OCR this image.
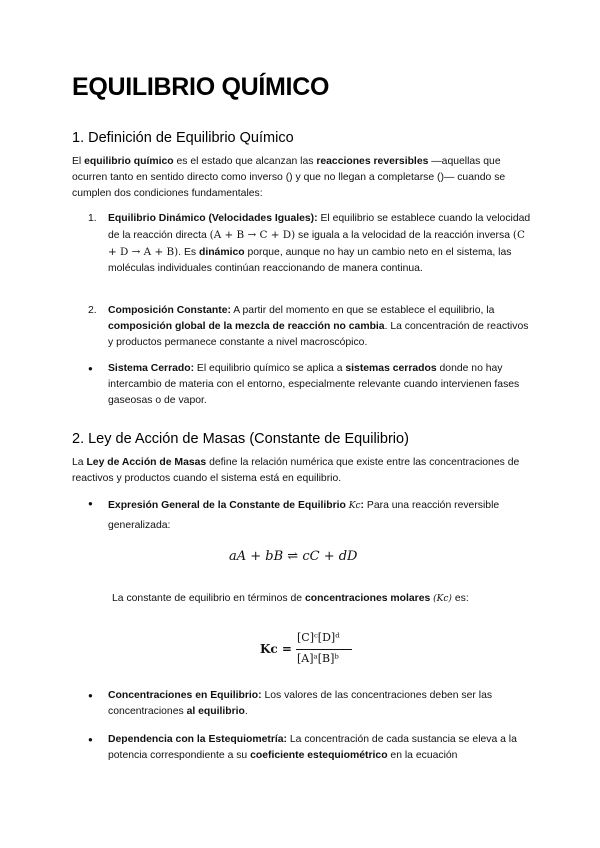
EQUILIBRIO QUÍMICO
1. Definición de Equilibrio Químico

El equilibrio químico es el estado que alcanzan las reacciones reversibles —aquellas que ocurren tanto en sentido directo como inverso () y que no llegan a completarse ()— cuando se cumplen dos condiciones fundamentales:

1. Equilibrio Dinámico (Velocidades Iguales): El equilibrio se establece cuando la velocidad de la reacción directa (A + B → C + D) se iguala a la velocidad de la reacción inversa (C + D → A + B). Es dinámico porque, aunque no hay un cambio neto en el sistema, las moléculas individuales continúan reaccionando de manera continua.

2. Composición Constante: A partir del momento en que se establece el equilibrio, la composición global de la mezcla de reacción no cambia. La concentración de reactivos y productos permanece constante a nivel macroscópico.

● Sistema Cerrado: El equilibrio químico se aplica a sistemas cerrados donde no hay intercambio de materia con el entorno, especialmente relevante cuando intervienen fases gaseosas o de vapor.

2. Ley de Acción de Masas (Constante de Equilibrio)

La Ley de Acción de Masas define la relación numérica que existe entre las concentraciones de reactivos y productos cuando el sistema está en equilibrio.

● Expresión General de la Constante de Equilibrio Kc: Para una reacción reversible generalizada:

aA + bB ⇌ cC + dD

La constante de equilibrio en términos de concentraciones molares (Kc) es:

Kc =
[C]ᶜ[D]ᵈ
[A]ᵃ[B]ᵇ
● Concentraciones en Equilibrio: Los valores de las concentraciones deben ser las concentraciones al equilibrio.

● Dependencia con la Estequiometría: La concentración de cada sustancia se eleva a la potencia correspondiente a su coeficiente estequiométrico en la ecuación
